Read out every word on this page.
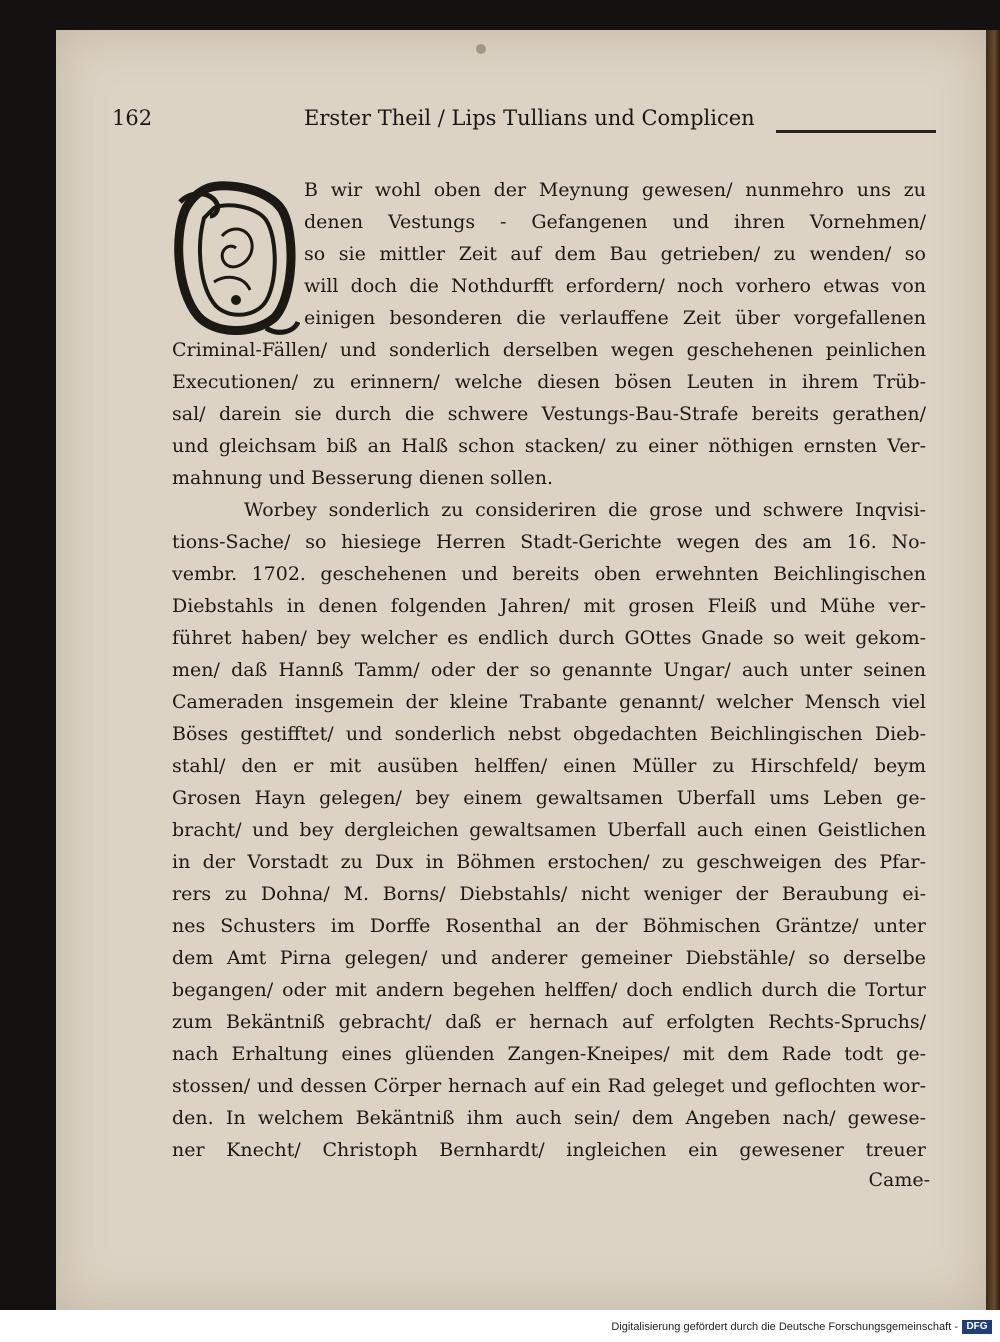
162	Erster Theil / Lips Tullians und Complicen
B wir wohl oben der Meynung gewesen/ nunmehro uns zu
denen Vestungs - Gefangenen und ihren Vornehmen/
so sie mittler Zeit auf dem Bau getrieben/ zu wenden/ so
will doch die Nothdurfft erfordern/ noch vorhero etwas von
einigen besonderen die verlauffene Zeit über vorgefallenen
Criminal-Fällen/ und sonderlich derselben wegen geschehenen peinlichen
Executionen/ zu erinnern/ welche diesen bösen Leuten in ihrem Trüb-
sal/ darein sie durch die schwere Vestungs-Bau-Strafe bereits gerathen/
und gleichsam biß an Halß schon stacken/ zu einer nöthigen ernsten Ver-
mahnung und Besserung dienen sollen.
Worbey sonderlich zu consideriren die grose und schwere Inqvisi-
tions-Sache/ so hiesiege Herren Stadt-Gerichte wegen des am 16. No-
vembr. 1702. geschehenen und bereits oben erwehnten Beichlingischen
Diebstahls in denen folgenden Jahren/ mit grosen Fleiß und Mühe ver-
führet haben/ bey welcher es endlich durch GOttes Gnade so weit gekom-
men/ daß Hannß Tamm/ oder der so genannte Ungar/ auch unter seinen
Cameraden insgemein der kleine Trabante genannt/ welcher Mensch viel
Böses gestifftet/ und sonderlich nebst obgedachten Beichlingischen Dieb-
stahl/ den er mit ausüben helffen/ einen Müller zu Hirschfeld/ beym
Grosen Hayn gelegen/ bey einem gewaltsamen Uberfall ums Leben ge-
bracht/ und bey dergleichen gewaltsamen Uberfall auch einen Geistlichen
in der Vorstadt zu Dux in Böhmen erstochen/ zu geschweigen des Pfar-
rers zu Dohna/ M. Borns/ Diebstahls/ nicht weniger der Beraubung ei-
nes Schusters im Dorffe Rosenthal an der Böhmischen Gräntze/ unter
dem Amt Pirna gelegen/ und anderer gemeiner Diebstähle/ so derselbe
begangen/ oder mit andern begehen helffen/ doch endlich durch die Tortur
zum Bekäntniß gebracht/ daß er hernach auf erfolgten Rechts-Spruchs/
nach Erhaltung eines glüenden Zangen-Kneipes/ mit dem Rade todt ge-
stossen/ und dessen Cörper hernach auf ein Rad geleget und geflochten wor-
den. In welchem Bekäntniß ihm auch sein/ dem Angeben nach/ gewese-
ner Knecht/ Christoph Bernhardt/ ingleichen ein gewesener treuer
Came-
Digitalisierung gefördert durch die Deutsche Forschungsgemeinschaft - DFG
